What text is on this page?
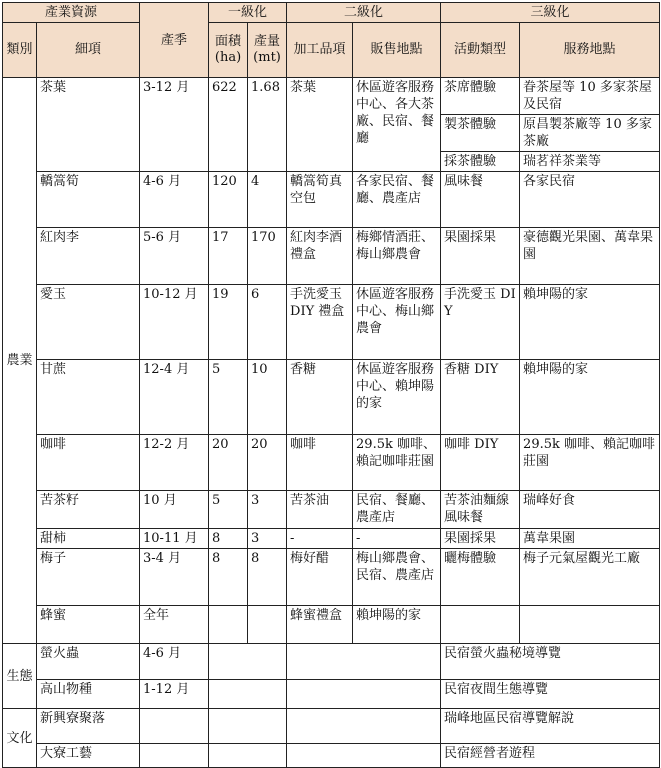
產業資源		產季	一級化		二級化		三級化	
類別	細項		面積(ha)	產量(mt)	加工品項	販售地點	活動類型	服務地點
農業	茶葉	3-12 月	622	1.68	茶葉	休區遊客服務中心、各大茶廠、民宿、餐廳	茶席體驗	眷茶屋等 10 多家茶屋及民宿
							製茶體驗	原昌製茶廠等 10 多家茶廠
							採茶體驗	瑞茗祥茶業等
	轎篙筍	4-6 月	120	4	轎篙筍真空包	各家民宿、餐廳、農產店	風味餐	各家民宿
	紅肉李	5-6 月	17	170	紅肉李酒禮盒	梅鄉情酒莊、梅山鄉農會	果園採果	豪德觀光果園、萬韋果園
	愛玉	10-12 月	19	6	手洗愛玉 DIY 禮盒	休區遊客服務中心、梅山鄉農會	手洗愛玉 DIY	賴坤陽的家
	甘蔗	12-4 月	5	10	香糖	休區遊客服務中心、賴坤陽的家	香糖 DIY	賴坤陽的家
	咖啡	12-2 月	20	20	咖啡	29.5k 咖啡、賴記咖啡莊園	咖啡 DIY	29.5k 咖啡、賴記咖啡莊園
	苦茶籽	10 月	5	3	苦茶油	民宿、餐廳、農產店	苦茶油麵線風味餐	瑞峰好食
	甜柿	10-11 月	8	3	-	-	果園採果	萬韋果園
	梅子	3-4 月	8	8	梅好醋	梅山鄉農會、民宿、農產店	曬梅體驗	梅子元氣屋觀光工廠
	蜂蜜	全年			蜂蜜禮盒	賴坤陽的家		
生態	螢火蟲	4-6 月					民宿螢火蟲秘境導覽	
	高山物種	1-12 月					民宿夜間生態導覽	
文化	新興寮聚落						瑞峰地區民宿導覽解說	
	大寮工藝						民宿經營者遊程	
